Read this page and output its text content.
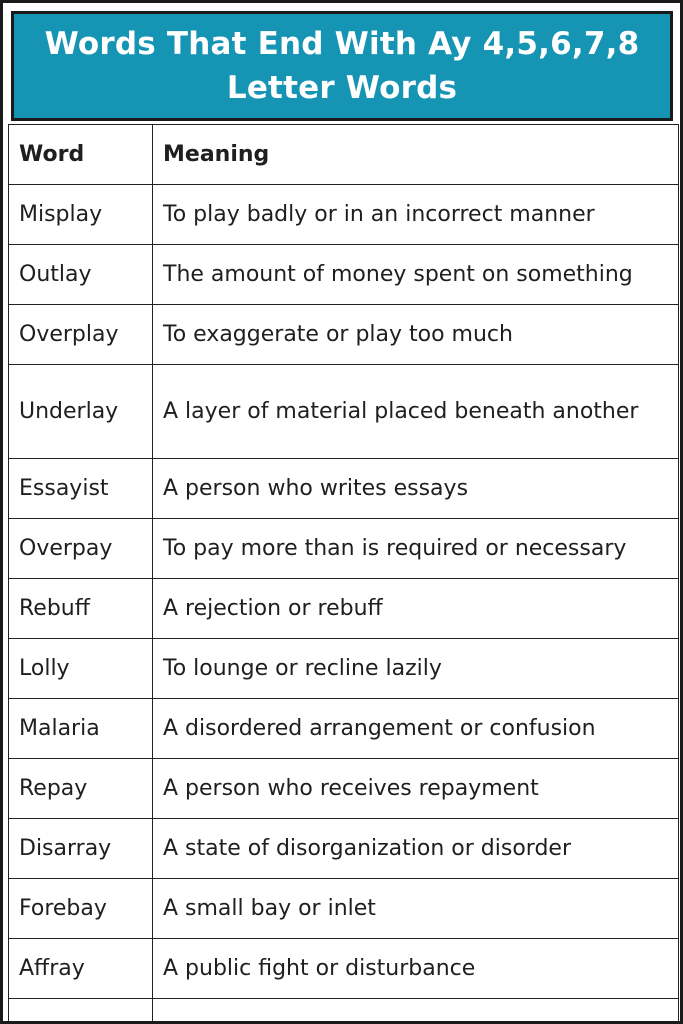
Words That End With Ay 4,5,6,7,8
Letter Words
Word	Meaning
Misplay	To play badly or in an incorrect manner
Outlay	The amount of money spent on something
Overplay	To exaggerate or play too much
Underlay	A layer of material placed beneath another
Essayist	A person who writes essays
Overpay	To pay more than is required or necessary
Rebuff	A rejection or rebuff
Lolly	To lounge or recline lazily
Malaria	A disordered arrangement or confusion
Repay	A person who receives repayment
Disarray	A state of disorganization or disorder
Forebay	A small bay or inlet
Affray	A public fight or disturbance
